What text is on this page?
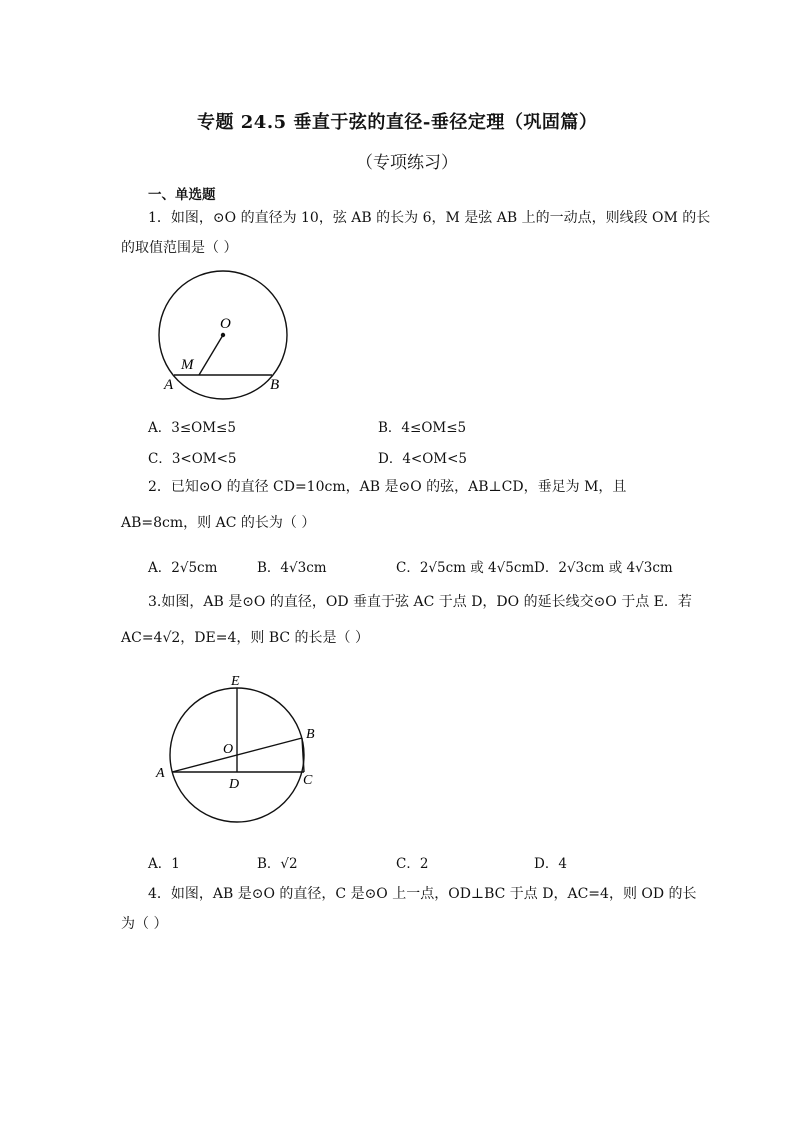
专题 24.5 垂直于弦的直径-垂径定理（巩固篇）
（专项练习）
一、单选题
1．如图，⊙O 的直径为 10，弦 AB 的长为 6，M 是弦 AB 上的一动点，则线段 OM 的长
的取值范围是（ ）
O
M
A	B
A．3≤OM≤5	B．4≤OM≤5
C．3<OM<5	D．4<OM<5
2．已知⊙O 的直径 CD=10cm，AB 是⊙O 的弦，AB⊥CD，垂足为 M，且
AB=8cm，则 AC 的长为（ ）
A．2√5cm	B．4√3cm	C．2√5cm 或 4√5cm D．2√3cm 或 4√3cm
3.如图，AB 是⊙O 的直径，OD 垂直于弦 AC 于点 D，DO 的延长线交⊙O 于点 E．若
AC=4√2，DE=4，则 BC 的长是（ ）
E
B
O
A
D	C
A．1	B．√2	C．2	D．4
4．如图，AB 是⊙O 的直径，C 是⊙O 上一点，OD⊥BC 于点 D，AC=4，则 OD 的长
为（ ）
